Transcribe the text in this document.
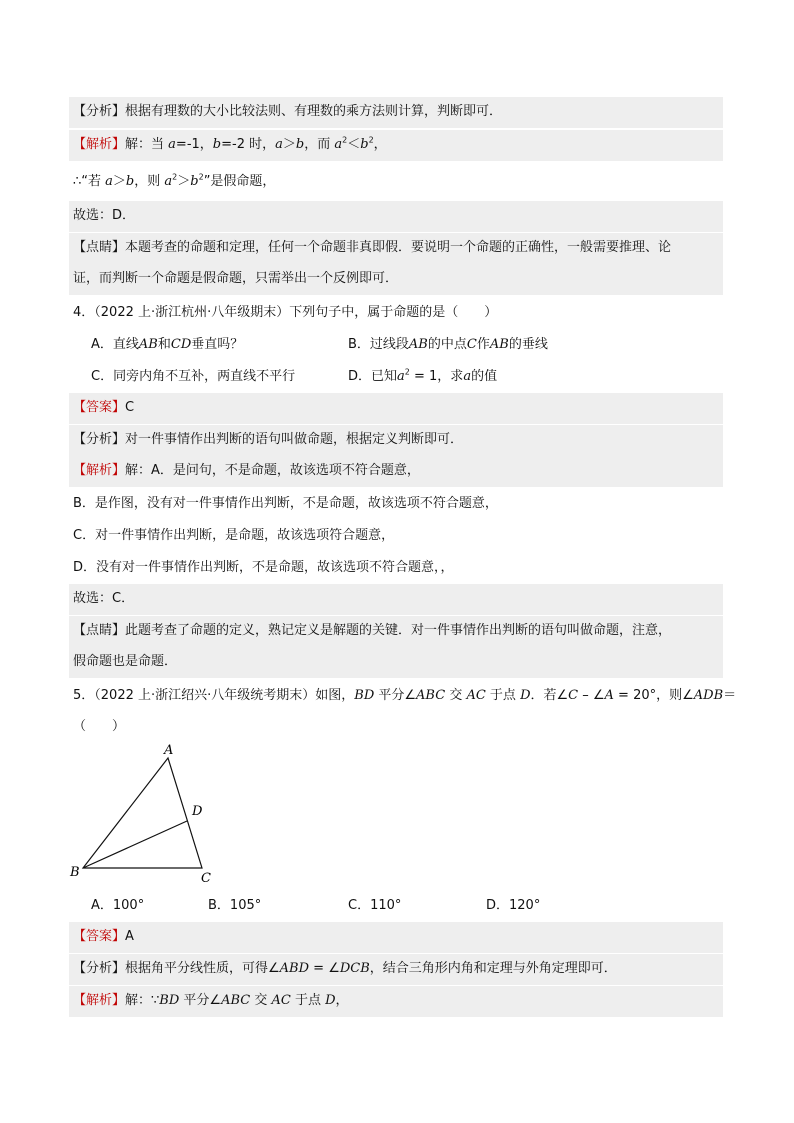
【分析】根据有理数的大小比较法则、有理数的乘方法则计算，判断即可．
【解析】解：当 a=-1，b=-2 时，a＞b，而 $a^2<b^2$，
∴“若 a＞b，则 $a^2>b^2$”是假命题，
故选：D．
【点睛】本题考查的命题和定理，任何一个命题非真即假．要说明一个命题的正确性，一般需要推理、论
证，而判断一个命题是假命题，只需举出一个反例即可．
4．（2022 上·浙江杭州·八年级期末）下列句子中，属于命题的是（　　）
A．直线AB和CD垂直吗？	B．过线段AB的中点C作AB的垂线
C．同旁内角不互补，两直线不平行	D．已知$a^2 = 1$，求a的值
【答案】C
【分析】对一件事情作出判断的语句叫做命题，根据定义判断即可．
【解析】解：A．是问句，不是命题，故该选项不符合题意，
B．是作图，没有对一件事情作出判断，不是命题，故该选项不符合题意，
C．对一件事情作出判断，是命题，故该选项符合题意，
D．没有对一件事情作出判断，不是命题，故该选项不符合题意，，
故选：C．
【点睛】此题考查了命题的定义，熟记定义是解题的关键．对一件事情作出判断的语句叫做命题，注意，
假命题也是命题．
5．（2022 上·浙江绍兴·八年级统考期末）如图，BD 平分∠ABC 交 AC 于点 D．若∠C – ∠A = 20°，则∠ADB＝
（　　）
A
B	C
D
A．100°	B．105°	C．110°	D．120°
【答案】A
【分析】根据角平分线性质，可得∠ABD = ∠DCB，结合三角形内角和定理与外角定理即可．
【解析】解：∵BD 平分∠ABC 交 AC 于点 D，
